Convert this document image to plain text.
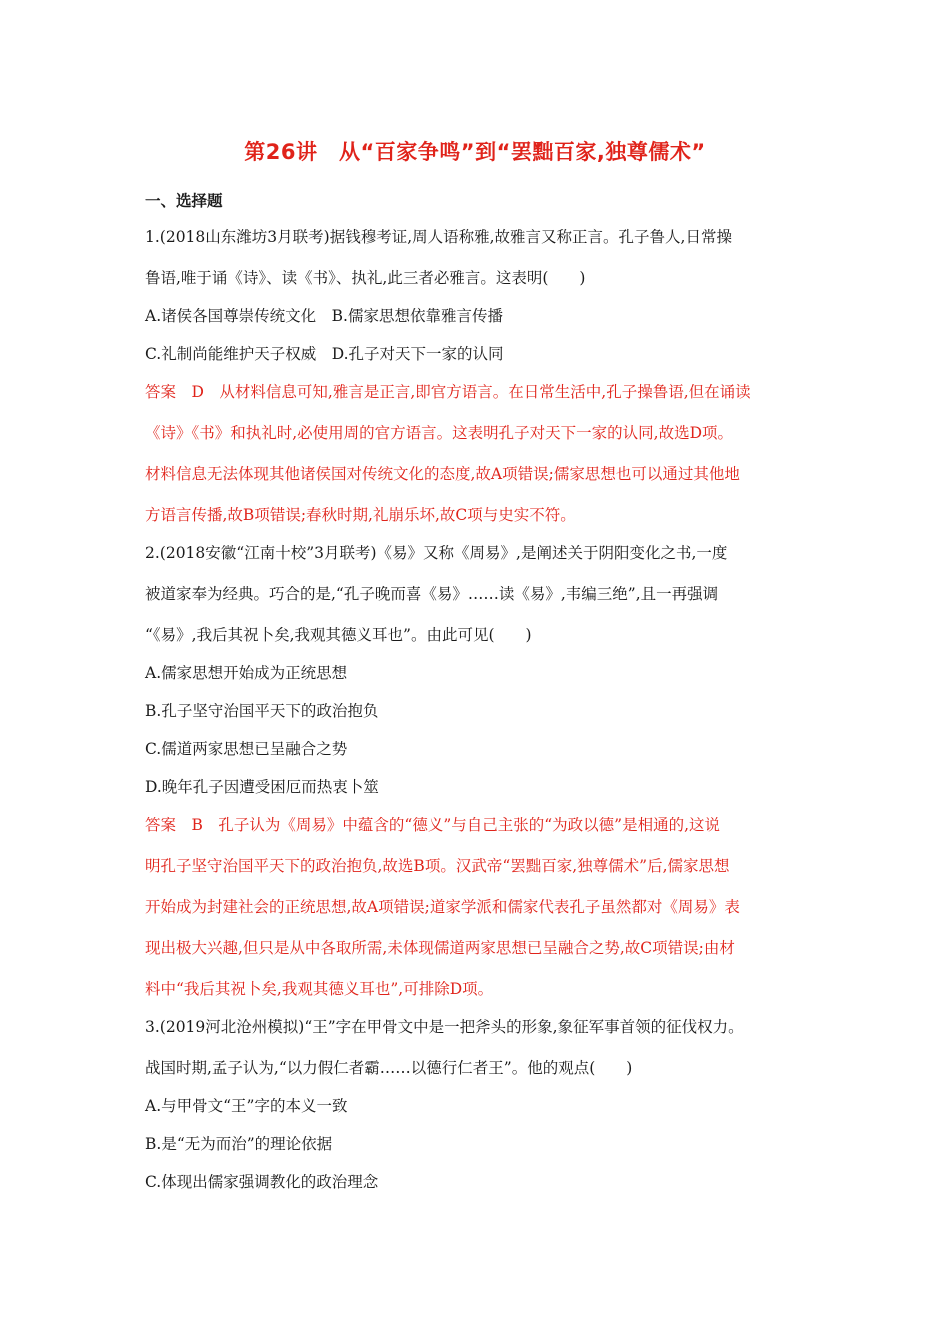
第26讲　从“百家争鸣”到“罢黜百家,独尊儒术”
一、选择题
1.(2018山东潍坊3月联考)据钱穆考证,周人语称雅,故雅言又称正言。孔子鲁人,日常操
鲁语,唯于诵《诗》、读《书》、执礼,此三者必雅言。这表明(　　)
A.诸侯各国尊崇传统文化　B.儒家思想依靠雅言传播
C.礼制尚能维护天子权威　D.孔子对天下一家的认同
答案　D　从材料信息可知,雅言是正言,即官方语言。在日常生活中,孔子操鲁语,但在诵读
《诗》《书》和执礼时,必使用周的官方语言。这表明孔子对天下一家的认同,故选D项。
材料信息无法体现其他诸侯国对传统文化的态度,故A项错误;儒家思想也可以通过其他地
方语言传播,故B项错误;春秋时期,礼崩乐坏,故C项与史实不符。
2.(2018安徽“江南十校”3月联考)《易》又称《周易》,是阐述关于阴阳变化之书,一度
被道家奉为经典。巧合的是,“孔子晚而喜《易》……读《易》,韦编三绝”,且一再强调
“《易》,我后其祝卜矣,我观其德义耳也”。由此可见(　　)
A.儒家思想开始成为正统思想
B.孔子坚守治国平天下的政治抱负
C.儒道两家思想已呈融合之势
D.晚年孔子因遭受困厄而热衷卜筮
答案　B　孔子认为《周易》中蕴含的“德义”与自己主张的“为政以德”是相通的,这说
明孔子坚守治国平天下的政治抱负,故选B项。汉武帝“罢黜百家,独尊儒术”后,儒家思想
开始成为封建社会的正统思想,故A项错误;道家学派和儒家代表孔子虽然都对《周易》表
现出极大兴趣,但只是从中各取所需,未体现儒道两家思想已呈融合之势,故C项错误;由材
料中“我后其祝卜矣,我观其德义耳也”,可排除D项。
3.(2019河北沧州模拟)“王”字在甲骨文中是一把斧头的形象,象征军事首领的征伐权力。
战国时期,孟子认为,“以力假仁者霸……以德行仁者王”。他的观点(　　)
A.与甲骨文“王”字的本义一致
B.是“无为而治”的理论依据
C.体现出儒家强调教化的政治理念
